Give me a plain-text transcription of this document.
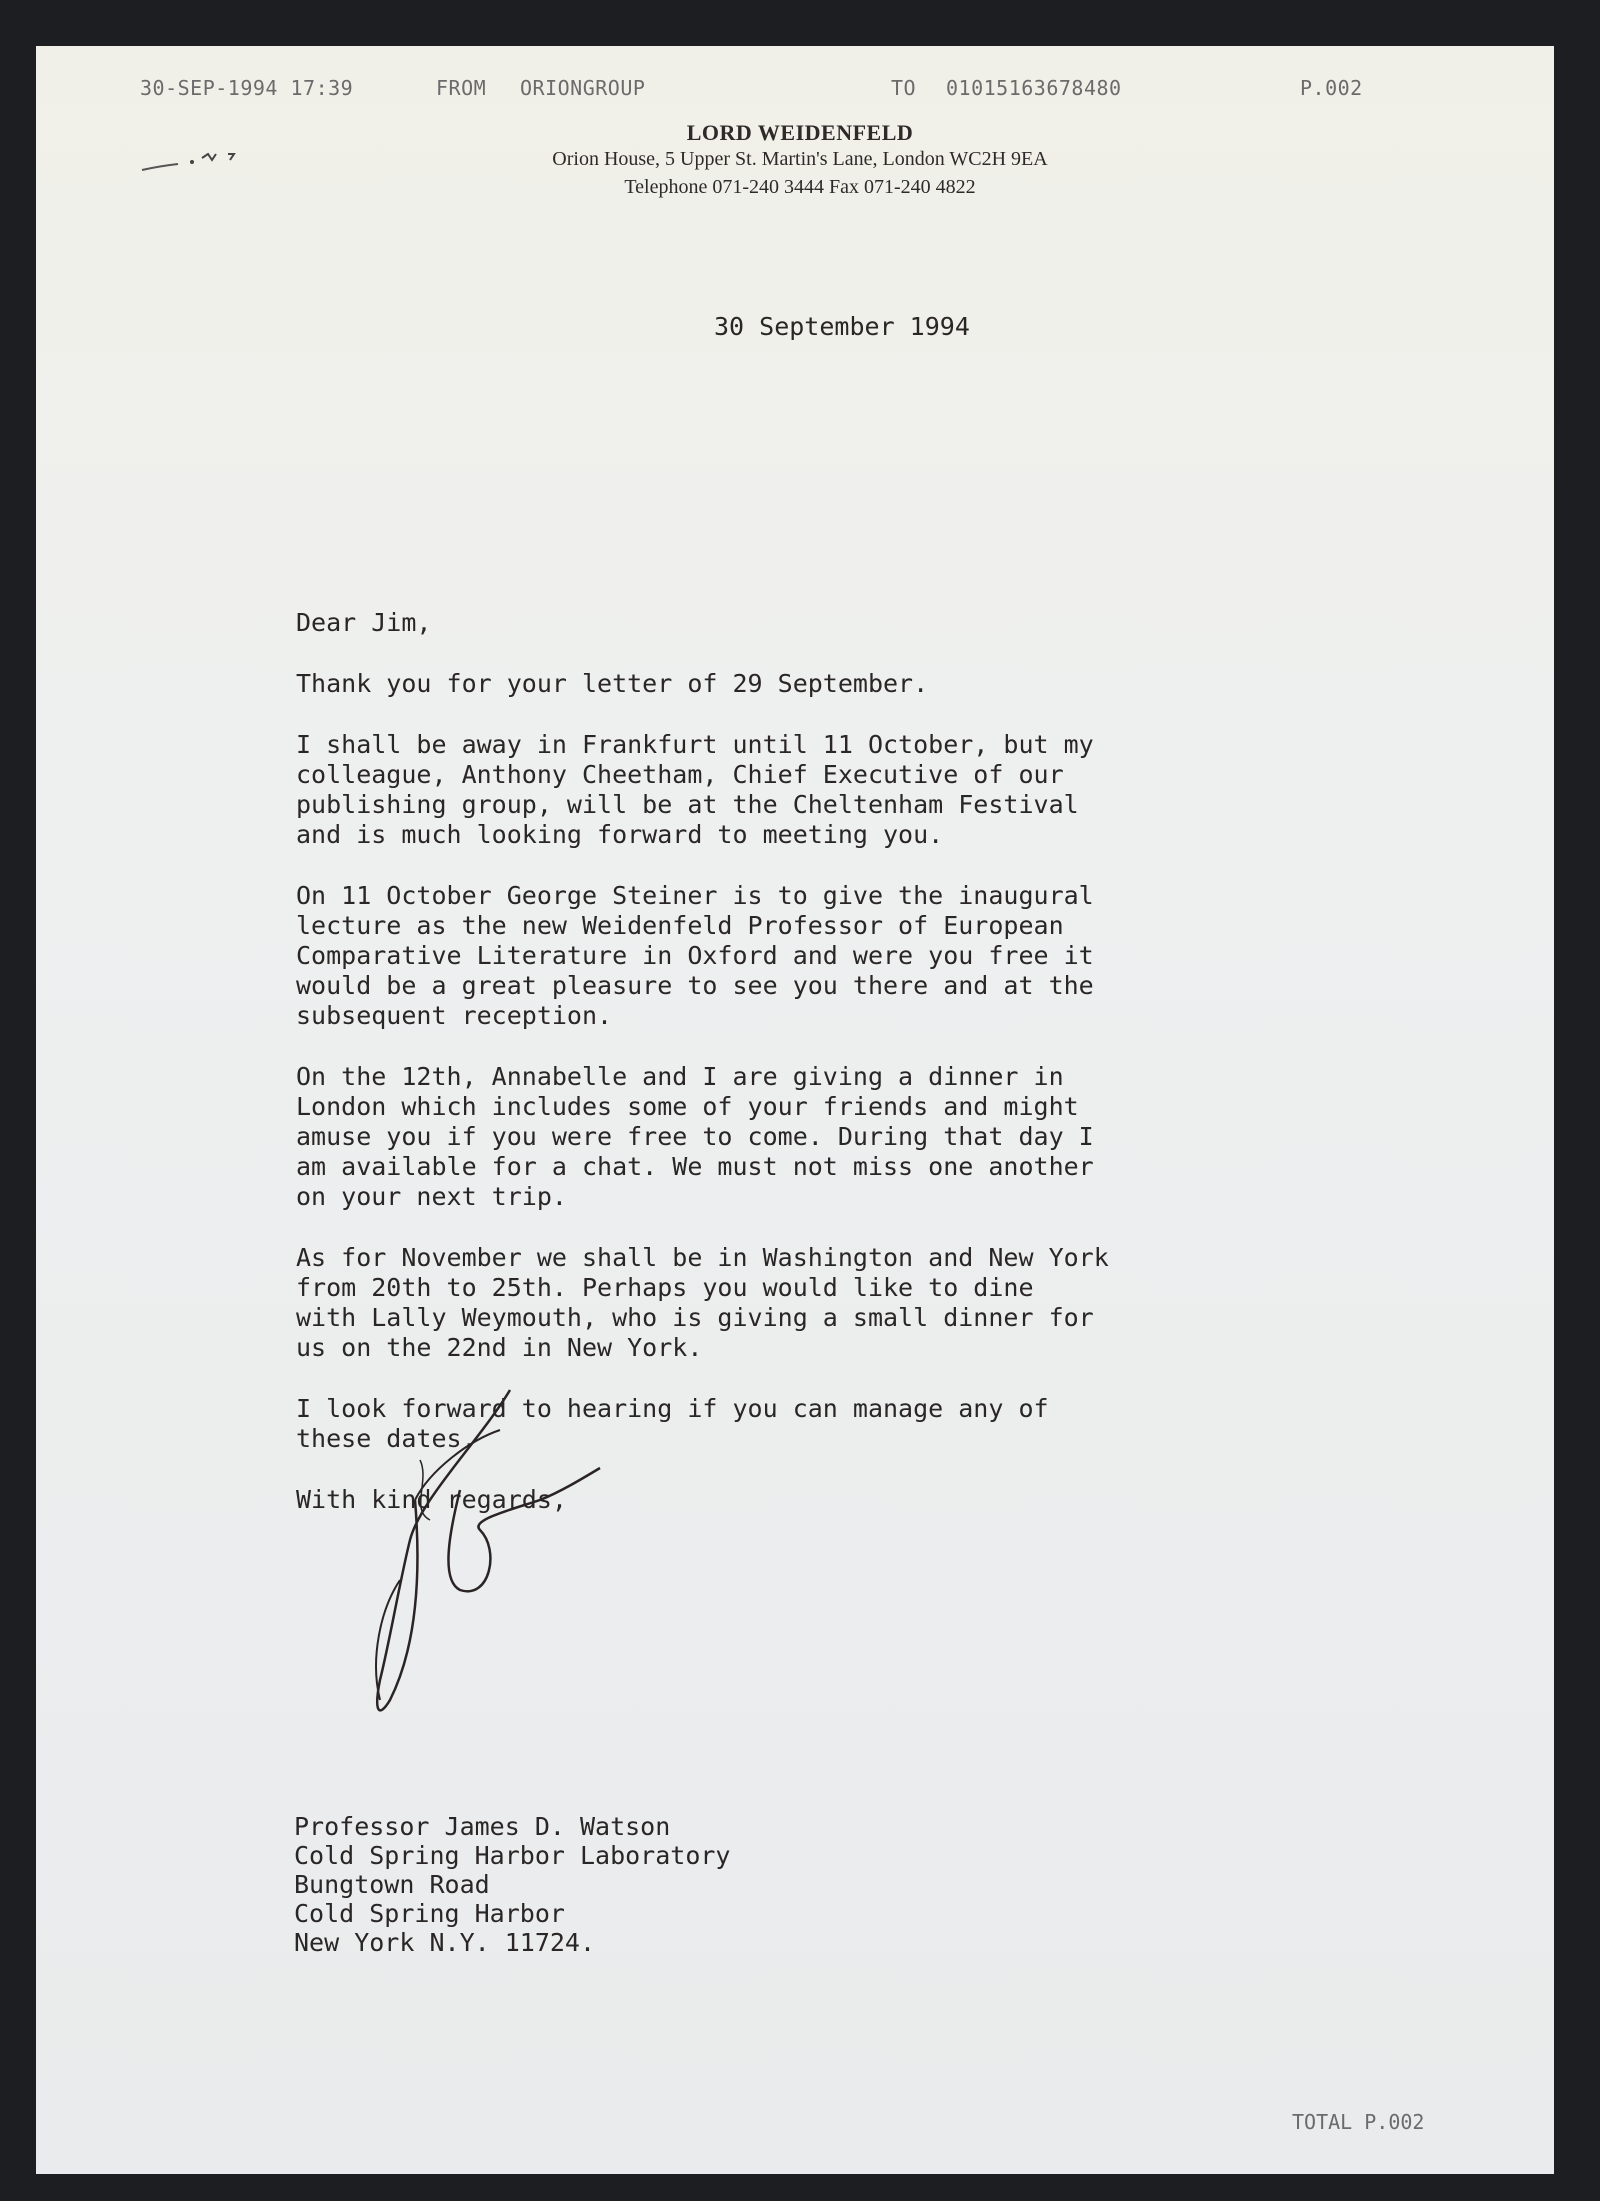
30-SEP-1994 17:39	FROM ORIONGROUP	TO 01015163678480	P.002
LORD WEIDENFELD
Orion House, 5 Upper St. Martin's Lane, London WC2H 9EA
Telephone 071-240 3444 Fax 071-240 4822
30 September 1994

Dear Jim,

Thank you for your letter of 29 September.

I shall be away in Frankfurt until 11 October, but my
colleague, Anthony Cheetham, Chief Executive of our
publishing group, will be at the Cheltenham Festival
and is much looking forward to meeting you.

On 11 October George Steiner is to give the inaugural
lecture as the new Weidenfeld Professor of European
Comparative Literature in Oxford and were you free it
would be a great pleasure to see you there and at the
subsequent reception.

On the 12th, Annabelle and I are giving a dinner in
London which includes some of your friends and might
amuse you if you were free to come. During that day I
am available for a chat. We must not miss one another
on your next trip.

As for November we shall be in Washington and New York
from 20th to 25th. Perhaps you would like to dine
with Lally Weymouth, who is giving a small dinner for
us on the 22nd in New York.

I look forward to hearing if you can manage any of
these dates.

With kind regards,

Professor James D. Watson
Cold Spring Harbor Laboratory
Bungtown Road
Cold Spring Harbor
New York N.Y. 11724.
TOTAL P.002
